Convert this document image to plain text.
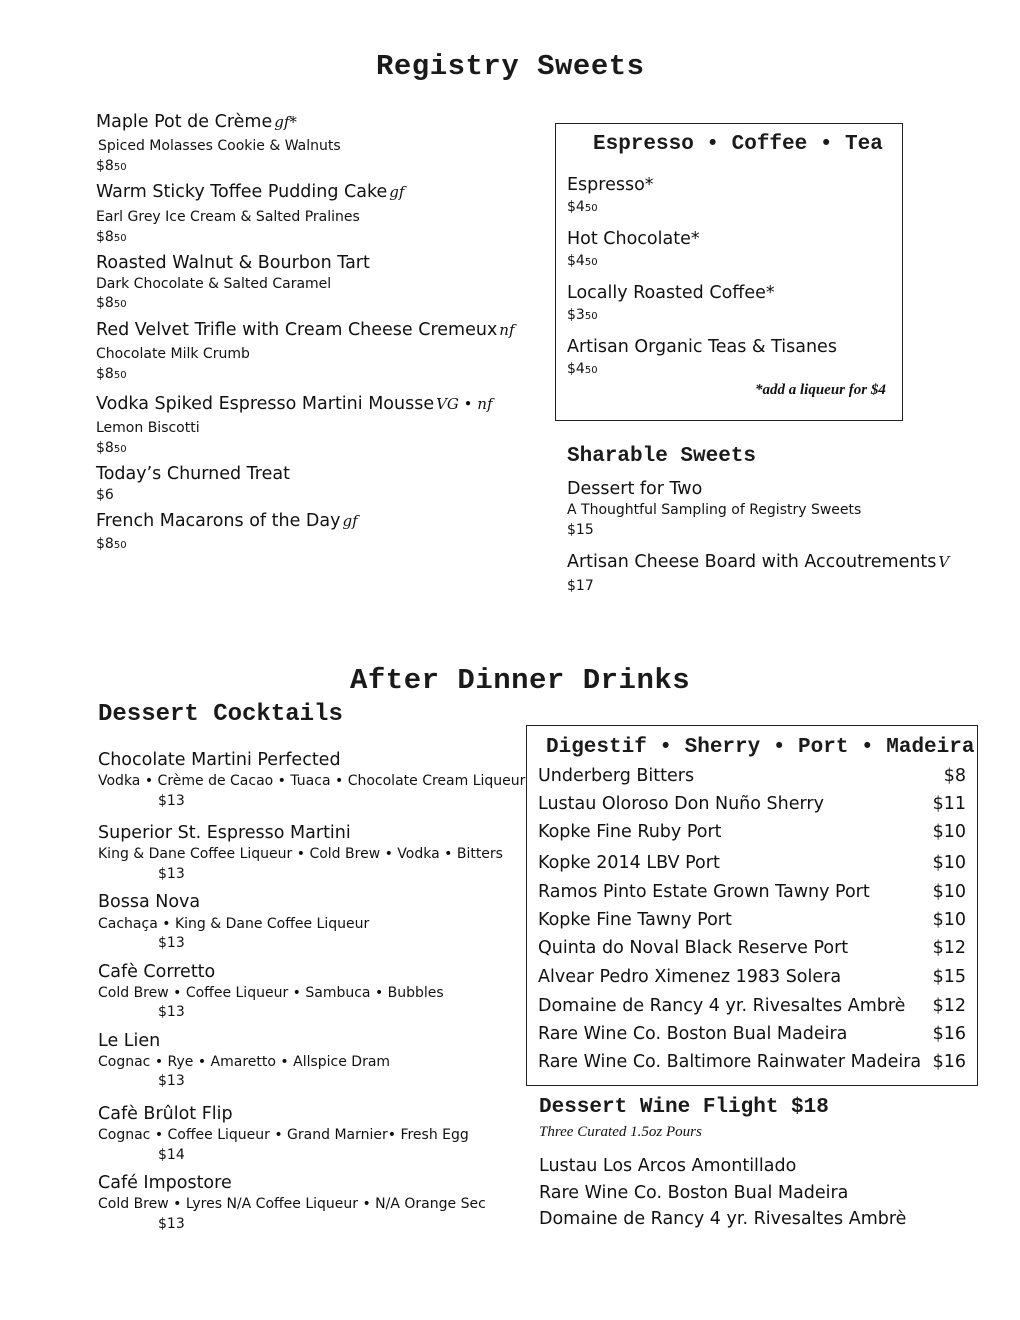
Registry Sweets
Maple Pot de Crème gf*
Spiced Molasses Cookie & Walnuts
$850
Warm Sticky Toffee Pudding Cake gf
Earl Grey Ice Cream & Salted Pralines
$850
Roasted Walnut & Bourbon Tart
Dark Chocolate & Salted Caramel
$850
Red Velvet Trifle with Cream Cheese Cremeux nf
Chocolate Milk Crumb
$850
Vodka Spiked Espresso Martini Mousse VG • nf
Lemon Biscotti
$850
Today’s Churned Treat
$6
French Macarons of the Day gf
$850
Espresso • Coffee • Tea
Espresso*
$450
Hot Chocolate*
$450
Locally Roasted Coffee*
$350
Artisan Organic Teas & Tisanes
$450
*add a liqueur for $4
Sharable Sweets
Dessert for Two
A Thoughtful Sampling of Registry Sweets
$15
Artisan Cheese Board with Accoutrements V
$17
After Dinner Drinks
Dessert Cocktails
Chocolate Martini Perfected
Vodka • Crème de Cacao • Tuaca • Chocolate Cream Liqueur
$13
Superior St. Espresso Martini
King & Dane Coffee Liqueur • Cold Brew • Vodka • Bitters
$13
Bossa Nova
Cachaça • King & Dane Coffee Liqueur
$13
Cafè Corretto
Cold Brew • Coffee Liqueur • Sambuca • Bubbles
$13
Le Lien
Cognac • Rye • Amaretto • Allspice Dram
$13
Cafè Brûlot Flip
Cognac • Coffee Liqueur • Grand Marnier• Fresh Egg
$14
Café Impostore
Cold Brew • Lyres N/A Coffee Liqueur • N/A Orange Sec
$13
Digestif • Sherry • Port • Madeira
Underberg Bitters	$8
Lustau Oloroso Don Nuño Sherry	$11
Kopke Fine Ruby Port	$10
Kopke 2014 LBV Port	$10
Ramos Pinto Estate Grown Tawny Port	$10
Kopke Fine Tawny Port	$10
Quinta do Noval Black Reserve Port	$12
Alvear Pedro Ximenez 1983 Solera	$15
Domaine de Rancy 4 yr. Rivesaltes Ambrè $12
Rare Wine Co. Boston Bual Madeira	$16
Rare Wine Co. Baltimore Rainwater Madeira $16
Dessert Wine Flight $18
Three Curated 1.5oz Pours
Lustau Los Arcos Amontillado
Rare Wine Co. Boston Bual Madeira
Domaine de Rancy 4 yr. Rivesaltes Ambrè
